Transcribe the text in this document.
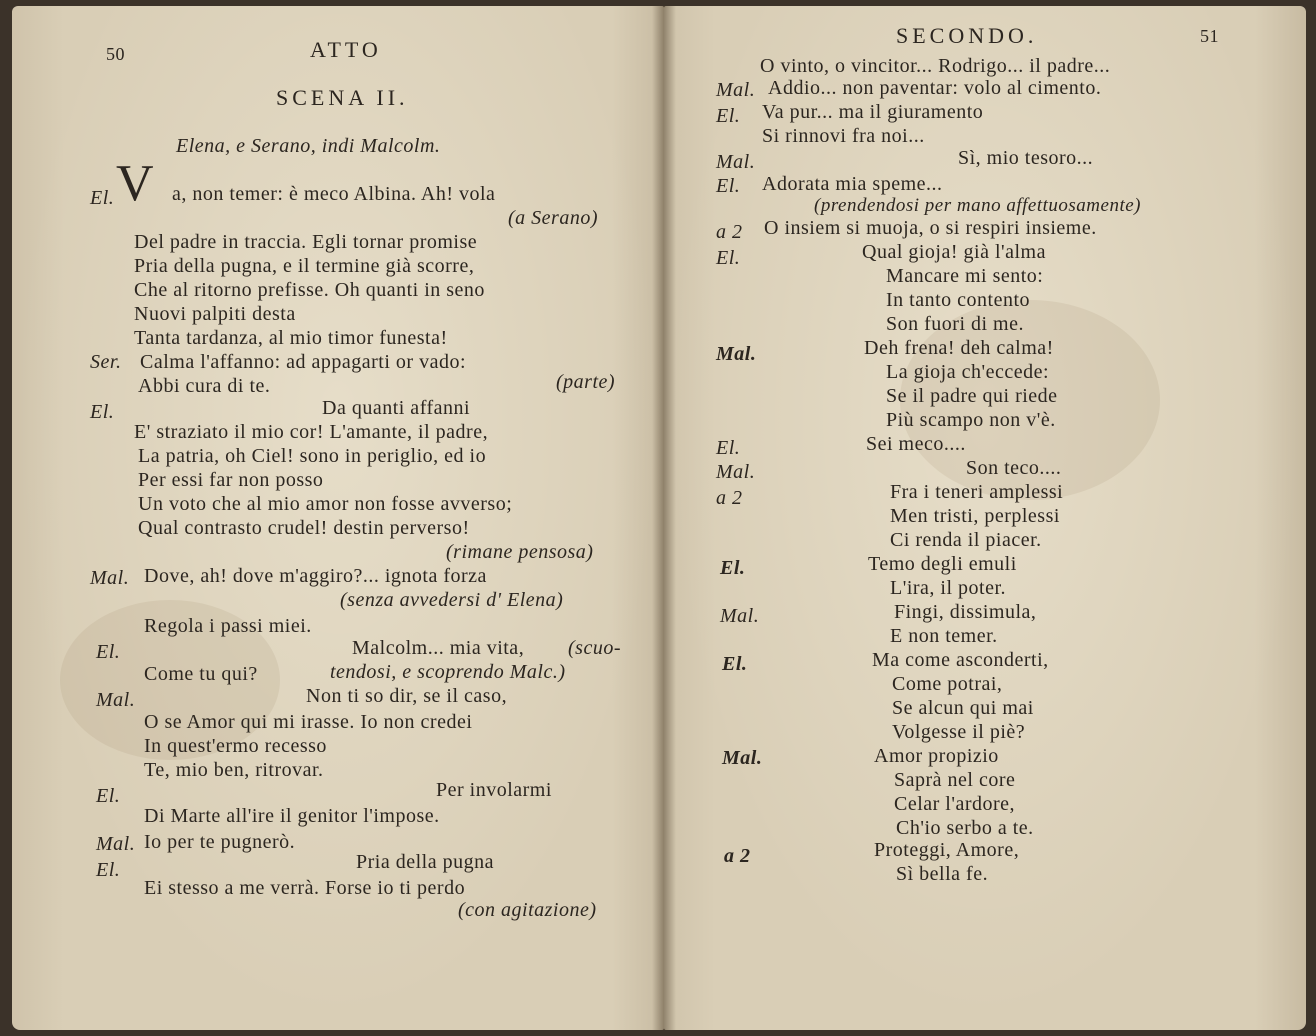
50	ATTO
SCENA II.
Elena, e Serano, indi Malcolm.
V
El.	a, non temer: è meco Albina. Ah! vola
(a Serano)
Del padre in traccia. Egli tornar promise
Pria della pugna, e il termine già scorre,
Che al ritorno prefisse. Oh quanti in seno
Nuovi palpiti desta
Tanta tardanza, al mio timor funesta!
Ser. Calma l'affanno: ad appagarti or vado:
Abbi cura di te.	(parte)
El.	Da quanti affanni
E' straziato il mio cor! L'amante, il padre,
La patria, oh Ciel! sono in periglio, ed io
Per essi far non posso
Un voto che al mio amor non fosse avverso;
Qual contrasto crudel! destin perverso!
(rimane pensosa)
Mal. Dove, ah! dove m'aggiro?... ignota forza
(senza avvedersi d' Elena)
Regola i passi miei.
El.	Malcolm... mia vita, (scuo-
Come tu qui?	tendosi, e scoprendo Malc.)
Mal.	Non ti so dir, se il caso,
O se Amor qui mi irasse. Io non credei
In quest'ermo recesso
Te, mio ben, ritrovar.
El.	Per involarmi
Di Marte all'ire il genitor l'impose.
Mal. Io per te pugnerò.
El.	Pria della pugna
Ei stesso a me verrà. Forse io ti perdo
(con agitazione)
SECONDO.	51
O vinto, o vincitor... Rodrigo... il padre...
Mal. Addio... non paventar: volo al cimento.
El. Va pur... ma il giuramento
Si rinnovi fra noi...
Mal.	Sì, mio tesoro...
El. Adorata mia speme...
(prendendosi per mano affettuosamente)
a 2 O insiem si muoja, o si respiri insieme.
El.	Qual gioja! già l'alma
Mancare mi sento:
In tanto contento
Son fuori di me.
Mal.	Deh frena! deh calma!
La gioja ch'eccede:
Se il padre qui riede
Più scampo non v'è.
El.	Sei meco....
Mal.	Son teco....
a 2	Fra i teneri amplessi
Men tristi, perplessi
Ci renda il piacer.
El.	Temo degli emuli
L'ira, il poter.
Mal.	Fingi, dissimula,
E non temer.
El.	Ma come asconderti,
Come potrai,
Se alcun qui mai
Volgesse il piè?
Mal.	Amor propizio
Saprà nel core
Celar l'ardore,
Ch'io serbo a te.
a 2	Proteggi, Amore,
Sì bella fe.
